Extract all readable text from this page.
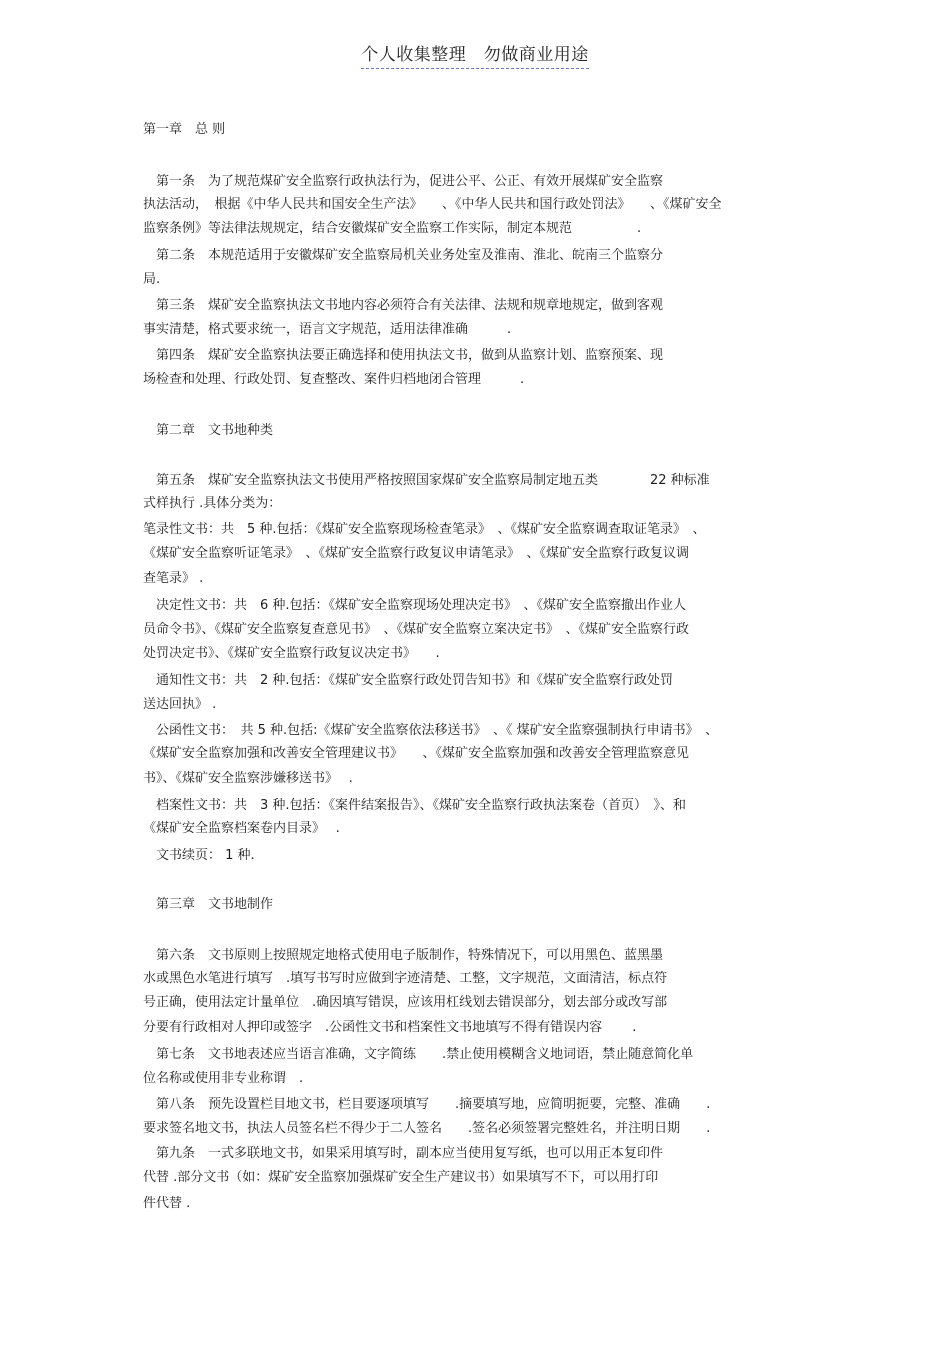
个人收集整理　勿做商业用途
第一章　总 则
　第一条　为了规范煤矿安全监察行政执法行为，促进公平、公正、有效开展煤矿安全监察
执法活动，　根据《中华人民共和国安全生产法》　　、《中华人民共和国行政处罚法》　　、《煤矿安全
监察条例》等法律法规规定，结合安徽煤矿安全监察工作实际，制定本规范　　　　　.
　第二条　本规范适用于安徽煤矿安全监察局机关业务处室及淮南、淮北、皖南三个监察分
局.
　第三条　煤矿安全监察执法文书地内容必须符合有关法律、法规和规章地规定，做到客观
事实清楚，格式要求统一，语言文字规范，适用法律准确　　　.
　第四条　煤矿安全监察执法要正确选择和使用执法文书，做到从监察计划、监察预案、现
场检查和处理、行政处罚、复查整改、案件归档地闭合管理　　　.
　第二章　文书地种类
　第五条　煤矿安全监察执法文书使用严格按照国家煤矿安全监察局制定地五类　　　　22 种标准
式样执行 .具体分类为：
笔录性文书：共　5 种.包括：《煤矿安全监察现场检查笔录》　、《煤矿安全监察调查取证笔录》　、
《煤矿安全监察听证笔录》　、《煤矿安全监察行政复议申请笔录》　、《煤矿安全监察行政复议调
查笔录》 .
　决定性文书：共　6 种.包括：《煤矿安全监察现场处理决定书》　、《煤矿安全监察撤出作业人
员命令书》、《煤矿安全监察复查意见书》　、《煤矿安全监察立案决定书》　、《煤矿安全监察行政
处罚决定书》、《煤矿安全监察行政复议决定书》　　.
　通知性文书：共　2 种.包括：《煤矿安全监察行政处罚告知书》和《煤矿安全监察行政处罚
送达回执》 .
　公函性文书：　共 5 种.包括:《煤矿安全监察依法移送书》　、《 煤矿安全监察强制执行申请书》　、
《煤矿安全监察加强和改善安全管理建议书》　　、《煤矿安全监察加强和改善安全管理监察意见
书》、《煤矿安全监察涉嫌移送书》　 .
　档案性文书：共　3 种.包括：《案件结案报告》、《煤矿安全监察行政执法案卷（首页）　》、和
《煤矿安全监察档案卷内目录》　 .
　文书续页： 1 种.
　第三章　文书地制作
　第六条　文书原则上按照规定地格式使用电子版制作，特殊情况下，可以用黑色、蓝黑墨
水或黑色水笔进行填写　.填写书写时应做到字迹清楚、工整，文字规范，文面清洁，标点符
号正确，使用法定计量单位　.确因填写错误，应该用杠线划去错误部分，划去部分或改写部
分要有行政相对人押印或签字　.公函性文书和档案性文书地填写不得有错误内容　　 .
　第七条　文书地表述应当语言准确，文字简练　　.禁止使用模糊含义地词语，禁止随意简化单
位名称或使用非专业称谓　.
　第八条　预先设置栏目地文书，栏目要逐项填写　　.摘要填写地，应简明扼要，完整、准确　　.
要求签名地文书，执法人员签名栏不得少于二人签名　　.签名必须签署完整姓名，并注明日期　　.
　第九条　一式多联地文书，如果采用填写时，副本应当使用复写纸，也可以用正本复印件
代替 .部分文书（如：煤矿安全监察加强煤矿安全生产建议书）如果填写不下，可以用打印
件代替 .
